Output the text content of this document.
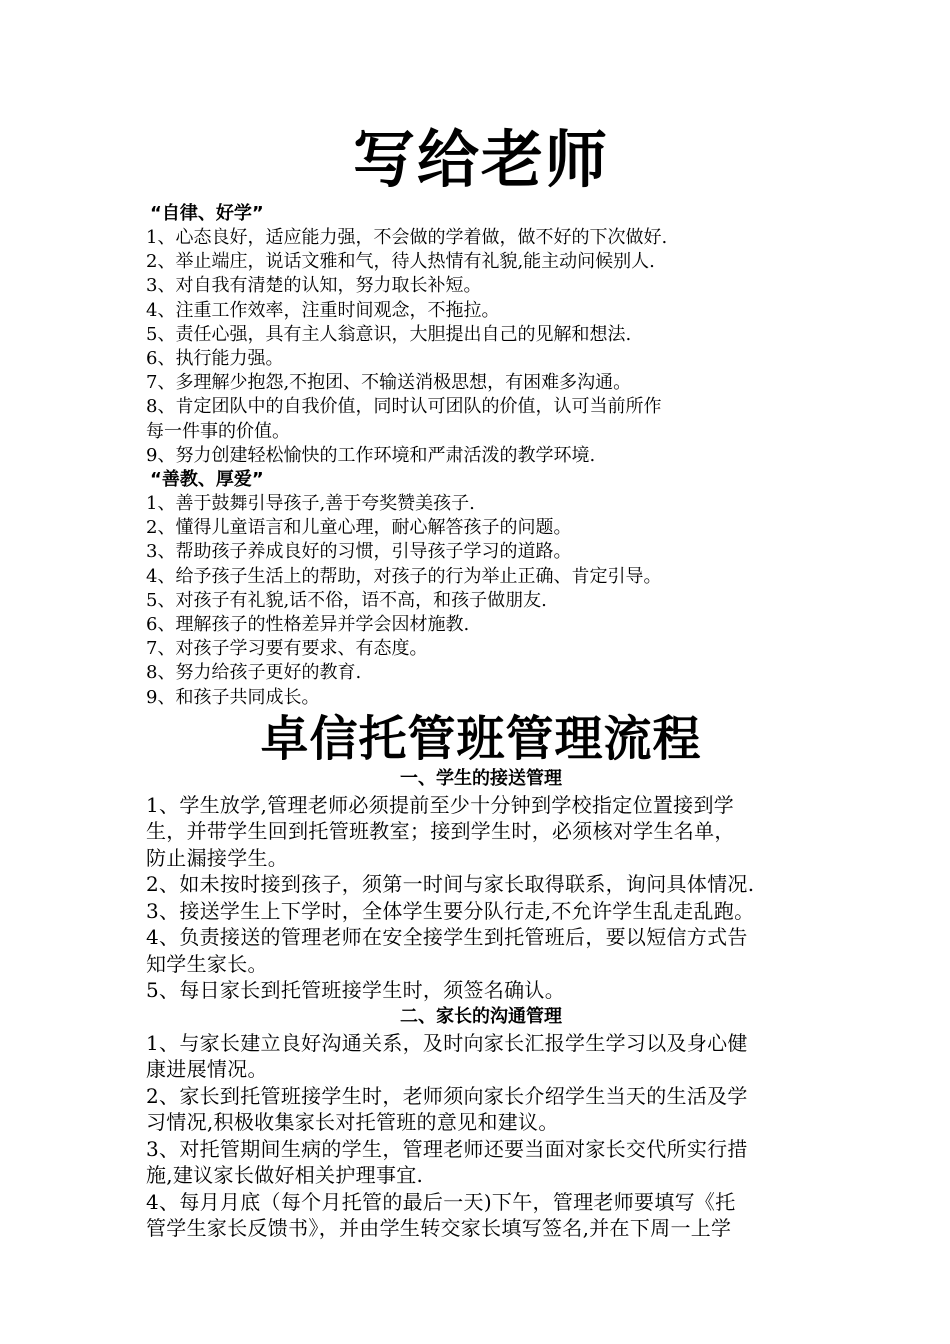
写给老师
“自律、好学”
1、心态良好，适应能力强，不会做的学着做，做不好的下次做好.
2、举止端庄，说话文雅和气，待人热情有礼貌,能主动问候别人.
3、对自我有清楚的认知，努力取长补短。
4、注重工作效率，注重时间观念，不拖拉。
5、责任心强，具有主人翁意识，大胆提出自己的见解和想法.
6、执行能力强。
7、多理解少抱怨,不抱团、不输送消极思想，有困难多沟通。
8、肯定团队中的自我价值，同时认可团队的价值，认可当前所作
每一件事的价值。
9、努力创建轻松愉快的工作环境和严肃活泼的教学环境.
“善教、厚爱”
1、善于鼓舞引导孩子,善于夸奖赞美孩子.
2、懂得儿童语言和儿童心理，耐心解答孩子的问题。
3、帮助孩子养成良好的习惯，引导孩子学习的道路。
4、给予孩子生活上的帮助，对孩子的行为举止正确、肯定引导。
5、对孩子有礼貌,话不俗，语不高，和孩子做朋友.
6、理解孩子的性格差异并学会因材施教.
7、对孩子学习要有要求、有态度。
8、努力给孩子更好的教育.
9、和孩子共同成长。
卓信托管班管理流程
一、学生的接送管理
1、学生放学,管理老师必须提前至少十分钟到学校指定位置接到学
生，并带学生回到托管班教室；接到学生时，必须核对学生名单，
防止漏接学生。
2、如未按时接到孩子，须第一时间与家长取得联系，询问具体情况.
3、接送学生上下学时，全体学生要分队行走,不允许学生乱走乱跑。
4、负责接送的管理老师在安全接学生到托管班后，要以短信方式告
知学生家长。
5、每日家长到托管班接学生时，须签名确认。
二、家长的沟通管理
1、与家长建立良好沟通关系，及时向家长汇报学生学习以及身心健
康进展情况。
2、家长到托管班接学生时，老师须向家长介绍学生当天的生活及学
习情况,积极收集家长对托管班的意见和建议。
3、对托管期间生病的学生，管理老师还要当面对家长交代所实行措
施,建议家长做好相关护理事宜.
4、每月月底（每个月托管的最后一天)下午，管理老师要填写《托
管学生家长反馈书》，并由学生转交家长填写签名,并在下周一上学
